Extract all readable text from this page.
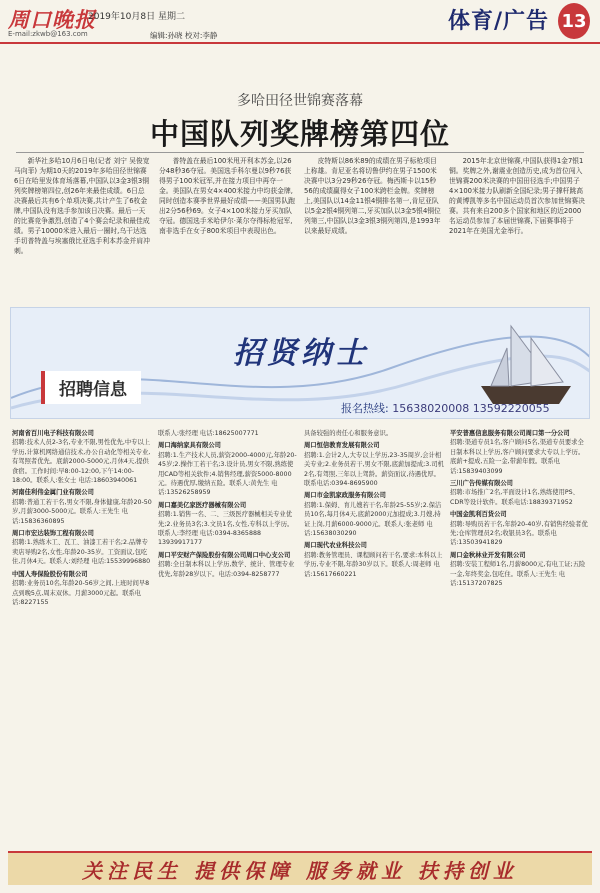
周口晚报
2019年10月8日 星期二
E-mail:zkwb@163.com	编辑:孙晓 校对:李静
体育/广告 13
多哈田径世锦赛落幕
中国队列奖牌榜第四位
新华社多哈10月6日电(记者 刘宁 吴俊宽 马向菲) 为期10天的2019年多哈田径世锦赛6日在哈里发体育场落幕,中国队以3金3银3铜列奖牌榜第四位,创26年来最佳成绩。6日总决赛最后共有6个单项决赛,共计产生了6枚金牌,中国队没有选手参加该日决赛。最后一天的比赛竞争激烈,创造了4个赛会纪录和最佳成绩。男子10000米进入最后一圈时,乌干达选手切普特盖与埃塞俄比亚选手利本苏金并肩冲刺。
普特盖在最后100米甩开利本苏金,以26分48秒36夺冠。美国选手科尔曼以9秒76获得男子100米冠军,并在接力项目中再夺一金。美国队在男女4×400米接力中均获金牌,同时创造本赛季世界最好成绩——美国男队跑出2分56秒69。女子4×100米接力牙买加队夺冠。德国选手米哈伊尔·莱尔夺得标枪冠军,南非选手在女子800米项目中表现出色。
皮特斯以86米89的成绩在男子标枪项目上称雄。肯尼亚名将切鲁伊约在男子1500米决赛中以3分29秒26夺冠。梅西斯卡以15秒56的成绩赢得女子100米跨栏金牌。奖牌榜上,美国队以14金11银4铜排名第一,肯尼亚队以5金2银4铜列第二,牙买加队以3金5银4铜位列第三,中国队以3金3银3铜列第四,是1993年以来最好成绩。
2015年北京世锦赛,中国队获得1金7银1铜。奖牌之外,谢震业创造历史,成为首位闯入世锦赛200米决赛的中国田径选手;中国男子4×100米接力队刷新全国纪录;男子撑杆跳高的黄博凯等多名中国运动员首次参加世锦赛决赛。共有来自200多个国家和地区的近2000名运动员参加了本届世锦赛,下届赛事将于2021年在美国尤金举行。
招贤纳士
招聘信息
报名热线: 15638020008 13592220055
河南省百川电子科技有限公司
招聘:技术人员2-3名,专业不限,男性优先,中专以上学历,计算机网络通信技术,办公自动化等相关专业,有驾照者优先。底薪2000-5000元,月休4天,提供食宿。工作时间:早8:00-12:00,下午14:00-18:00。联系人:张女士 电话:18603940061
河南佳利伟金属门业有限公司
招聘:普通工若干名,男女不限,身体健康,年龄20-50岁,月薪3000-5000元。联系人:王先生 电话:15836360895
周口市宏达装饰工程有限公司
招聘:1.熟练木工、瓦工、油漆工若干名;2.品牌专卖店导购2名,女性,年龄20-35岁。工资面议,包吃住,月休4天。联系人:刘经理 电话:15539996880
中国人寿保险股份有限公司
招聘:业务员10名,年龄20-56岁之间,上班时间早8点到晚5点,周末双休。月薪3000元起。联系电话:8227155
联系人:张经理 电话:18625007771
周口海纳家具有限公司
招聘:1.生产技术人员,薪资2000-4000元,年龄20-45岁;2.操作工若干名;3.设计员,男女不限,熟练使用CAD等相关软件;4.销售经理,薪资5000-8000元。待遇优厚,缴纳五险。联系人:黄先生 电话:13526258959
周口嘉美亿家医疗器械有限公司
招聘:1.销售一名、二、三级医疗器械相关专业优先;2.业务员3名;3.文员1名,女性,专科以上学历。联系人:李经理 电话:0394-8365888 13939917177
周口平安财产保险股份有限公司周口中心支公司
招聘:全日制本科以上学历,数学、统计、管理专业优先,年龄28岁以下。电话:0394-8258777
具备较强的责任心和服务意识。
周口恒信教育发展有限公司
招聘:1.会计2人,大专以上学历,23-35周岁,会计相关专业;2.业务员若干,男女不限,底薪加提成;3.司机2名,有驾照,三年以上驾龄。薪资面议,待遇优厚。联系电话:0394-8695900
周口市金凯家政服务有限公司
招聘:1.保姆、育儿嫂若干名,年龄25-55岁;2.保洁员10名,每月休4天,底薪2000元加提成;3.月嫂,持证上岗,月薪6000-9000元。联系人:张老师 电话:15638030290
周口现代农业科技公司
招聘:教务管理员、课程顾问若干名,要求:本科以上学历,专业不限,年龄30岁以下。联系人:周老师 电话:15617660221
平安普惠信息服务有限公司周口第一分公司
招聘:渠道专员1名,客户顾问5名,渠道专员要求全日制本科以上学历,客户顾问要求大专以上学历。底薪+提成,五险一金,带薪年假。联系电话:15839403099
三川广告传媒有限公司
招聘:市场推广2名,平面设计1名,熟练使用PS、CDR等设计软件。联系电话:18839371952
中国金凯利百货公司
招聘:导购员若干名,年龄20-40岁,有销售经验者优先;仓库管理员2名;收银员3名。联系电话:13503941829
周口金秋林业开发有限公司
招聘:安装工程师1名,月薪8000元,有电工证;五险一金,年终奖金,包吃住。联系人:王先生 电话:15137207825
关注民生 提供保障 服务就业 扶持创业
